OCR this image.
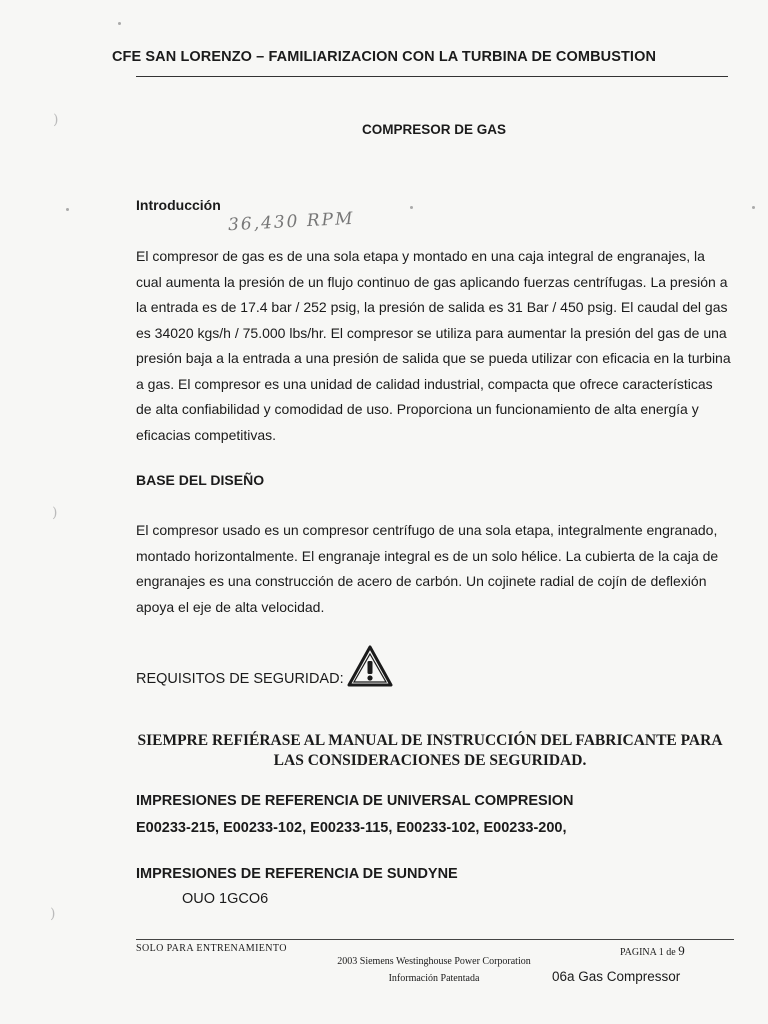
CFE SAN LORENZO – FAMILIARIZACION CON LA TURBINA DE COMBUSTION
COMPRESOR DE GAS
Introducción
36,430 RPM
El compresor de gas es de una sola etapa y montado en una caja integral de engranajes, la
cual aumenta la presión de un flujo continuo de gas aplicando fuerzas centrífugas. La presión a
la entrada es de 17.4 bar / 252 psig, la presión de salida es 31 Bar / 450 psig. El caudal del gas
es 34020 kgs/h / 75.000 lbs/hr. El compresor se utiliza para aumentar la presión del gas de una
presión baja a la entrada a una presión de salida que se pueda utilizar con eficacia en la turbina
a gas. El compresor es una unidad de calidad industrial, compacta que ofrece características
de alta confiabilidad y comodidad de uso. Proporciona un funcionamiento de alta energía y
eficacias competitivas.
BASE DEL DISEÑO
El compresor usado es un compresor centrífugo de una sola etapa, integralmente engranado,
montado horizontalmente. El engranaje integral es de un solo hélice. La cubierta de la caja de
engranajes es una construcción de acero de carbón. Un cojinete radial de cojín de deflexión
apoya el eje de alta velocidad.
REQUISITOS DE SEGURIDAD:
SIEMPRE REFIÉRASE AL MANUAL DE INSTRUCCIÓN DEL FABRICANTE PARA
LAS CONSIDERACIONES DE SEGURIDAD.
IMPRESIONES DE REFERENCIA DE UNIVERSAL COMPRESION
E00233-215, E00233-102, E00233-115, E00233-102, E00233-200,
IMPRESIONES DE REFERENCIA DE SUNDYNE
OUO 1GCO6
SOLO PARA ENTRENAMIENTO	PAGINA 1 de 9
2003 Siemens Westinghouse Power Corporation
Información Patentada	06a Gas Compressor
)
)
)
